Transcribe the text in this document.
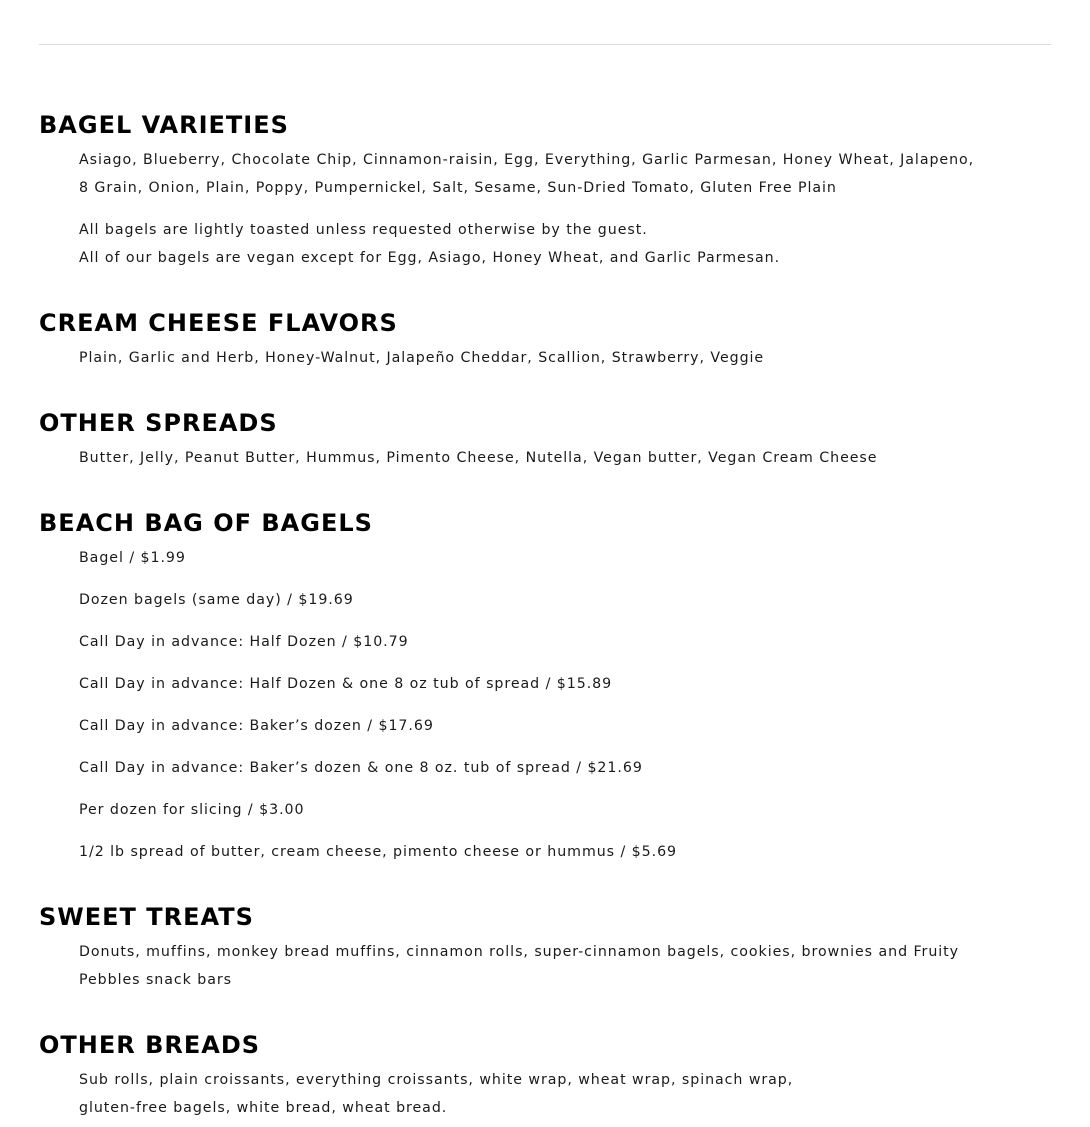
BAGEL VARIETIES

Asiago, Blueberry, Chocolate Chip, Cinnamon-raisin, Egg, Everything, Garlic Parmesan, Honey Wheat, Jalapeno,
8 Grain, Onion, Plain, Poppy, Pumpernickel, Salt, Sesame, Sun-Dried Tomato, Gluten Free Plain

All bagels are lightly toasted unless requested otherwise by the guest.
All of our bagels are vegan except for Egg, Asiago, Honey Wheat, and Garlic Parmesan.

CREAM CHEESE FLAVORS

Plain, Garlic and Herb, Honey-Walnut, Jalapeño Cheddar, Scallion, Strawberry, Veggie

OTHER SPREADS

Butter, Jelly, Peanut Butter, Hummus, Pimento Cheese, Nutella, Vegan butter, Vegan Cream Cheese

BEACH BAG OF BAGELS

Bagel / $1.99

Dozen bagels (same day) / $19.69

Call Day in advance: Half Dozen / $10.79

Call Day in advance: Half Dozen & one 8 oz tub of spread / $15.89

Call Day in advance: Baker’s dozen / $17.69

Call Day in advance: Baker’s dozen & one 8 oz. tub of spread / $21.69

Per dozen for slicing / $3.00

1/2 lb spread of butter, cream cheese, pimento cheese or hummus / $5.69

SWEET TREATS

Donuts, muffins, monkey bread muffins, cinnamon rolls, super-cinnamon bagels, cookies, brownies and Fruity
Pebbles snack bars

OTHER BREADS

Sub rolls, plain croissants, everything croissants, white wrap, wheat wrap, spinach wrap,
gluten-free bagels, white bread, wheat bread.
